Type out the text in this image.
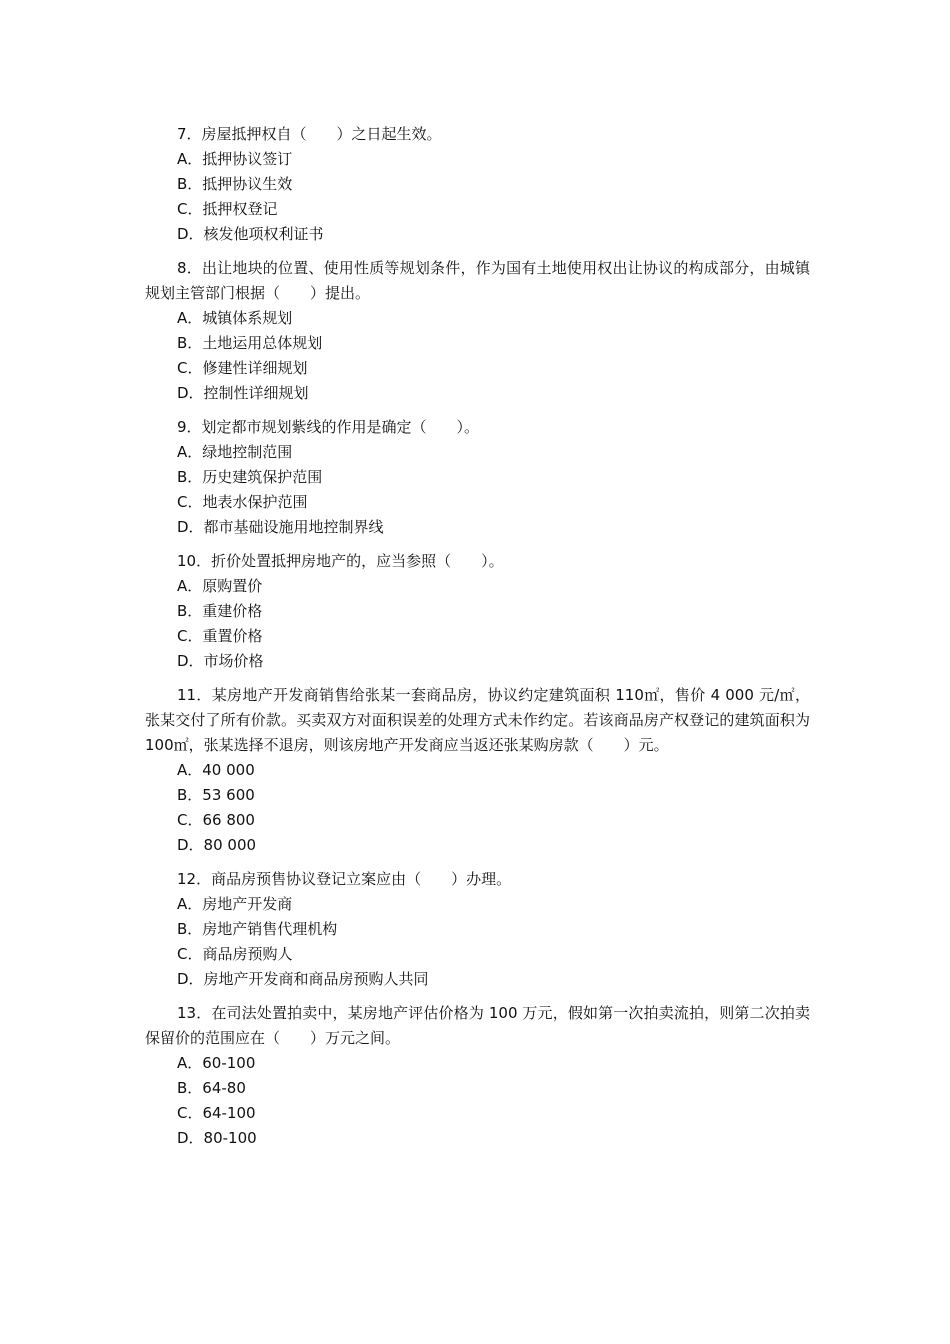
7．房屋抵押权自（　　）之日起生效。

A．抵押协议签订

B．抵押协议生效

C．抵押权登记

D．核发他项权利证书

8．出让地块的位置、使用性质等规划条件，作为国有土地使用权出让协议的构成部分，由城镇规划主管部门根据（　　）提出。

A．城镇体系规划

B．土地运用总体规划

C．修建性详细规划

D．控制性详细规划

9．划定都市规划紫线的作用是确定（　　）。

A．绿地控制范围

B．历史建筑保护范围

C．地表水保护范围

D．都市基础设施用地控制界线

10．折价处置抵押房地产的，应当参照（　　）。

A．原购置价

B．重建价格

C．重置价格

D．市场价格

11．某房地产开发商销售给张某一套商品房，协议约定建筑面积 110㎡，售价 4 000 元/㎡，张某交付了所有价款。买卖双方对面积误差的处理方式未作约定。若该商品房产权登记的建筑面积为 100㎡，张某选择不退房，则该房地产开发商应当返还张某购房款（　　）元。

A．40 000

B．53 600

C．66 800

D．80 000

12．商品房预售协议登记立案应由（　　）办理。

A．房地产开发商

B．房地产销售代理机构

C．商品房预购人

D．房地产开发商和商品房预购人共同

13．在司法处置拍卖中，某房地产评估价格为 100 万元，假如第一次拍卖流拍，则第二次拍卖保留价的范围应在（　　）万元之间。

A．60-100

B．64-80

C．64-100

D．80-100
